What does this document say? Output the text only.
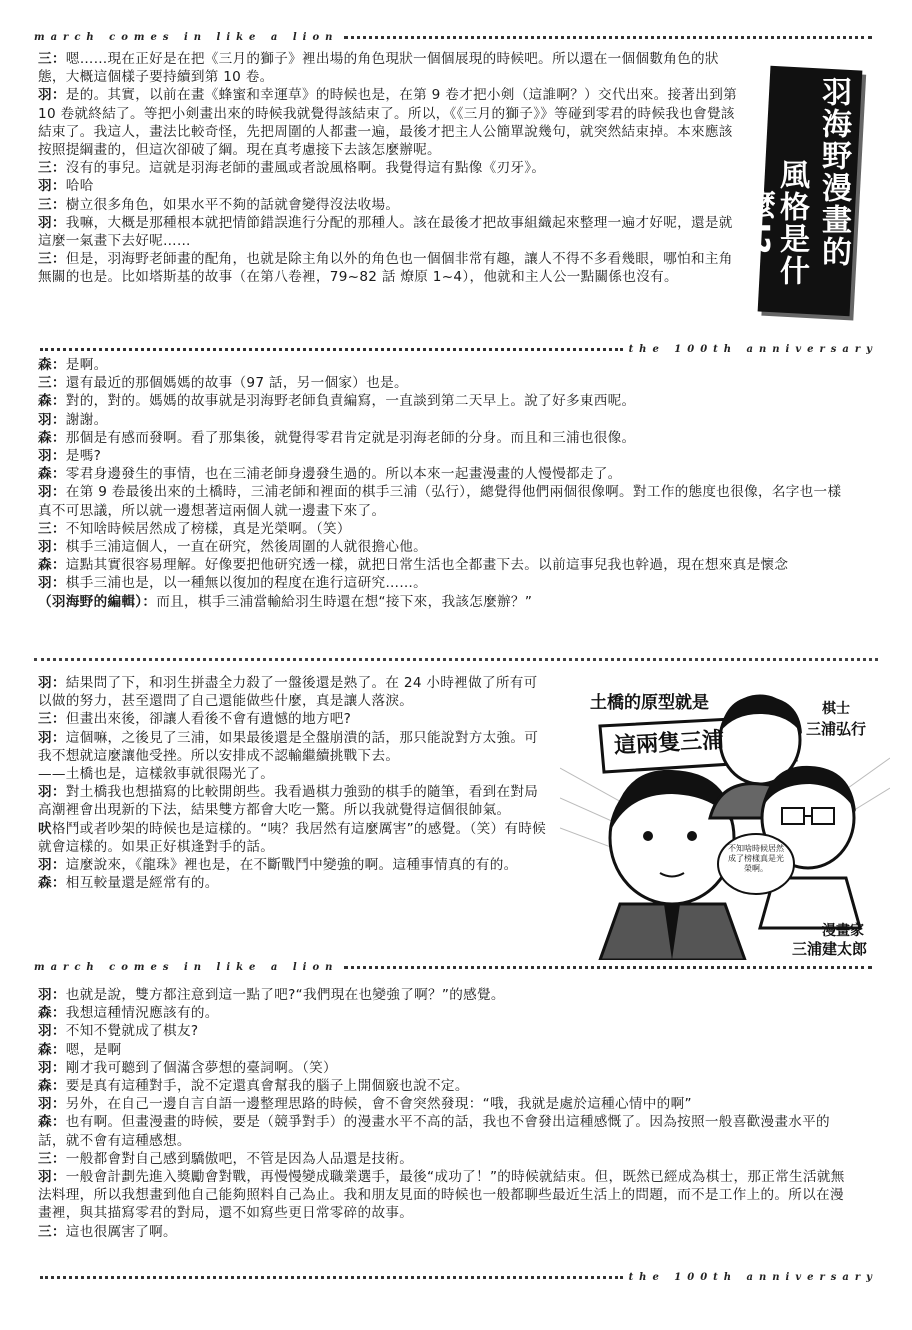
march comes in like a lion

三：嗯……現在正好是在把《三月的獅子》裡出場的角色現狀一個個展現的時候吧。所以還在一個個數角色的狀態，大概這個樣子要持續到第 10 卷。

羽：是的。其實，以前在畫《蜂蜜和幸運草》的時候也是，在第 9 卷才把小剣（這誰啊？）交代出來。接著出到第 10 卷就終結了。等把小剣畫出來的時候我就覺得該結束了。所以，《《三月的獅子》》等碰到零君的時候我也會覺該結束了。我這人，畫法比較奇怪，先把周圍的人都畫一遍，最後才把主人公簡單說幾句，就突然結束掉。本來應該按照提綱畫的，但這次卻破了綱。現在真考慮接下去該怎麼辦呢。

三：沒有的事兒。這就是羽海老師的畫風或者說風格啊。我覺得這有點像《刃牙》。

羽：哈哈

三：樹立很多角色，如果水平不夠的話就會變得沒法收場。

羽：我嘛，大概是那種根本就把情節錯誤進行分配的那種人。該在最後才把故事組織起來整理一遍才好呢，還是就這麼一氣畫下去好呢……

三：但是，羽海野老師畫的配角，也就是除主角以外的角色也一個個非常有趣，讓人不得不多看幾眼，哪怕和主角無關的也是。比如塔斯基的故事（在第八卷裡，79~82 話 燎原 1~4），他就和主人公一點關係也沒有。

羽海野漫畫的
風格是什麼!?
the 100th anniversary

森：是啊。

三：還有最近的那個媽媽的故事（97 話，另一個家）也是。

森：對的，對的。媽媽的故事就是羽海野老師負責編寫，一直談到第二天早上。說了好多東西呢。

羽：謝謝。

森：那個是有感而發啊。看了那集後，就覺得零君肯定就是羽海老師的分身。而且和三浦也很像。

羽：是嗎?

森：零君身邊發生的事情，也在三浦老師身邊發生過的。所以本來一起畫漫畫的人慢慢都走了。

羽：在第 9 卷最後出來的土橋時，三浦老師和裡面的棋手三浦（弘行），總覺得他們兩個很像啊。對工作的態度也很像，名字也一樣真不可思議，所以就一邊想著這兩個人就一邊畫下來了。

三：不知啥時候居然成了榜樣，真是光榮啊。（笑）

羽：棋手三浦這個人，一直在研究，然後周圍的人就很擔心他。

森：這點其實很容易理解。好像要把他研究透一樣，就把日常生活也全都畫下去。以前這事兒我也幹過，現在想來真是懷念

羽：棋手三浦也是，以一種無以復加的程度在進行這研究……。

（羽海野的編輯）：而且，棋手三浦當輸給羽生時還在想“接下來，我該怎麼辦？”

羽：結果問了下，和羽生拼盡全力殺了一盤後還是熟了。在 24 小時裡做了所有可以做的努力，甚至還問了自己還能做些什麼，真是讓人落淚。

三：但畫出來後，卻讓人看後不會有遺憾的地方吧?

羽：這個嘛，之後見了三浦，如果最後還是全盤崩潰的話，那只能說對方太強。可我不想就這麼讓他受挫。所以安排成不認輸繼續挑戰下去。

——土橋也是，這樣敘事就很陽光了。

羽：對土橋我也想描寫的比較開朗些。我看過棋力強勁的棋手的隨筆，看到在對局高潮裡會出現新的下法，結果雙方都會大吃一驚。所以我就覺得這個很帥氣。

吠格鬥或者吵架的時候也是這樣的。“咦？我居然有這麼厲害”的感覺。（笑）有時候就會這樣的。如果正好棋逢對手的話。

羽：這麼說來，《龍珠》裡也是，在不斷戰鬥中變強的啊。這種事情真的有的。

森：相互較量還是經常有的。

土橋的原型就是
這兩隻三浦
棋士
三浦弘行
漫畫家
三浦建太郎
不知啥時候居然成了榜樣真是光榮啊。
march comes in like a lion

羽：也就是說，雙方都注意到這一點了吧?“我們現在也變強了啊？”的感覺。

森：我想這種情況應該有的。

羽：不知不覺就成了棋友?

森：嗯，是啊

羽：剛才我可聽到了個滿含夢想的臺詞啊。（笑）

森：要是真有這種對手，說不定還真會幫我的腦子上開個竅也說不定。

羽：另外，在自己一邊自言自語一邊整理思路的時候，會不會突然發現：“哦，我就是處於這種心情中的啊”

森：也有啊。但畫漫畫的時候，要是（競爭對手）的漫畫水平不高的話，我也不會發出這種感慨了。因為按照一般喜歡漫畫水平的話，就不會有這種感想。

三：一般都會對自己感到驕傲吧，不管是因為人品還是技術。

羽：一般會計劃先進入獎勵會對戰，再慢慢變成職業選手，最後“成功了！”的時候就結束。但，既然已經成為棋士，那正常生活就無法料理，所以我想畫到他自己能夠照料自己為止。我和朋友見面的時候也一般都聊些最近生活上的問題，而不是工作上的。所以在漫畫裡，與其描寫零君的對局，還不如寫些更日常零碎的故事。

三：這也很厲害了啊。

the 100th anniversary
